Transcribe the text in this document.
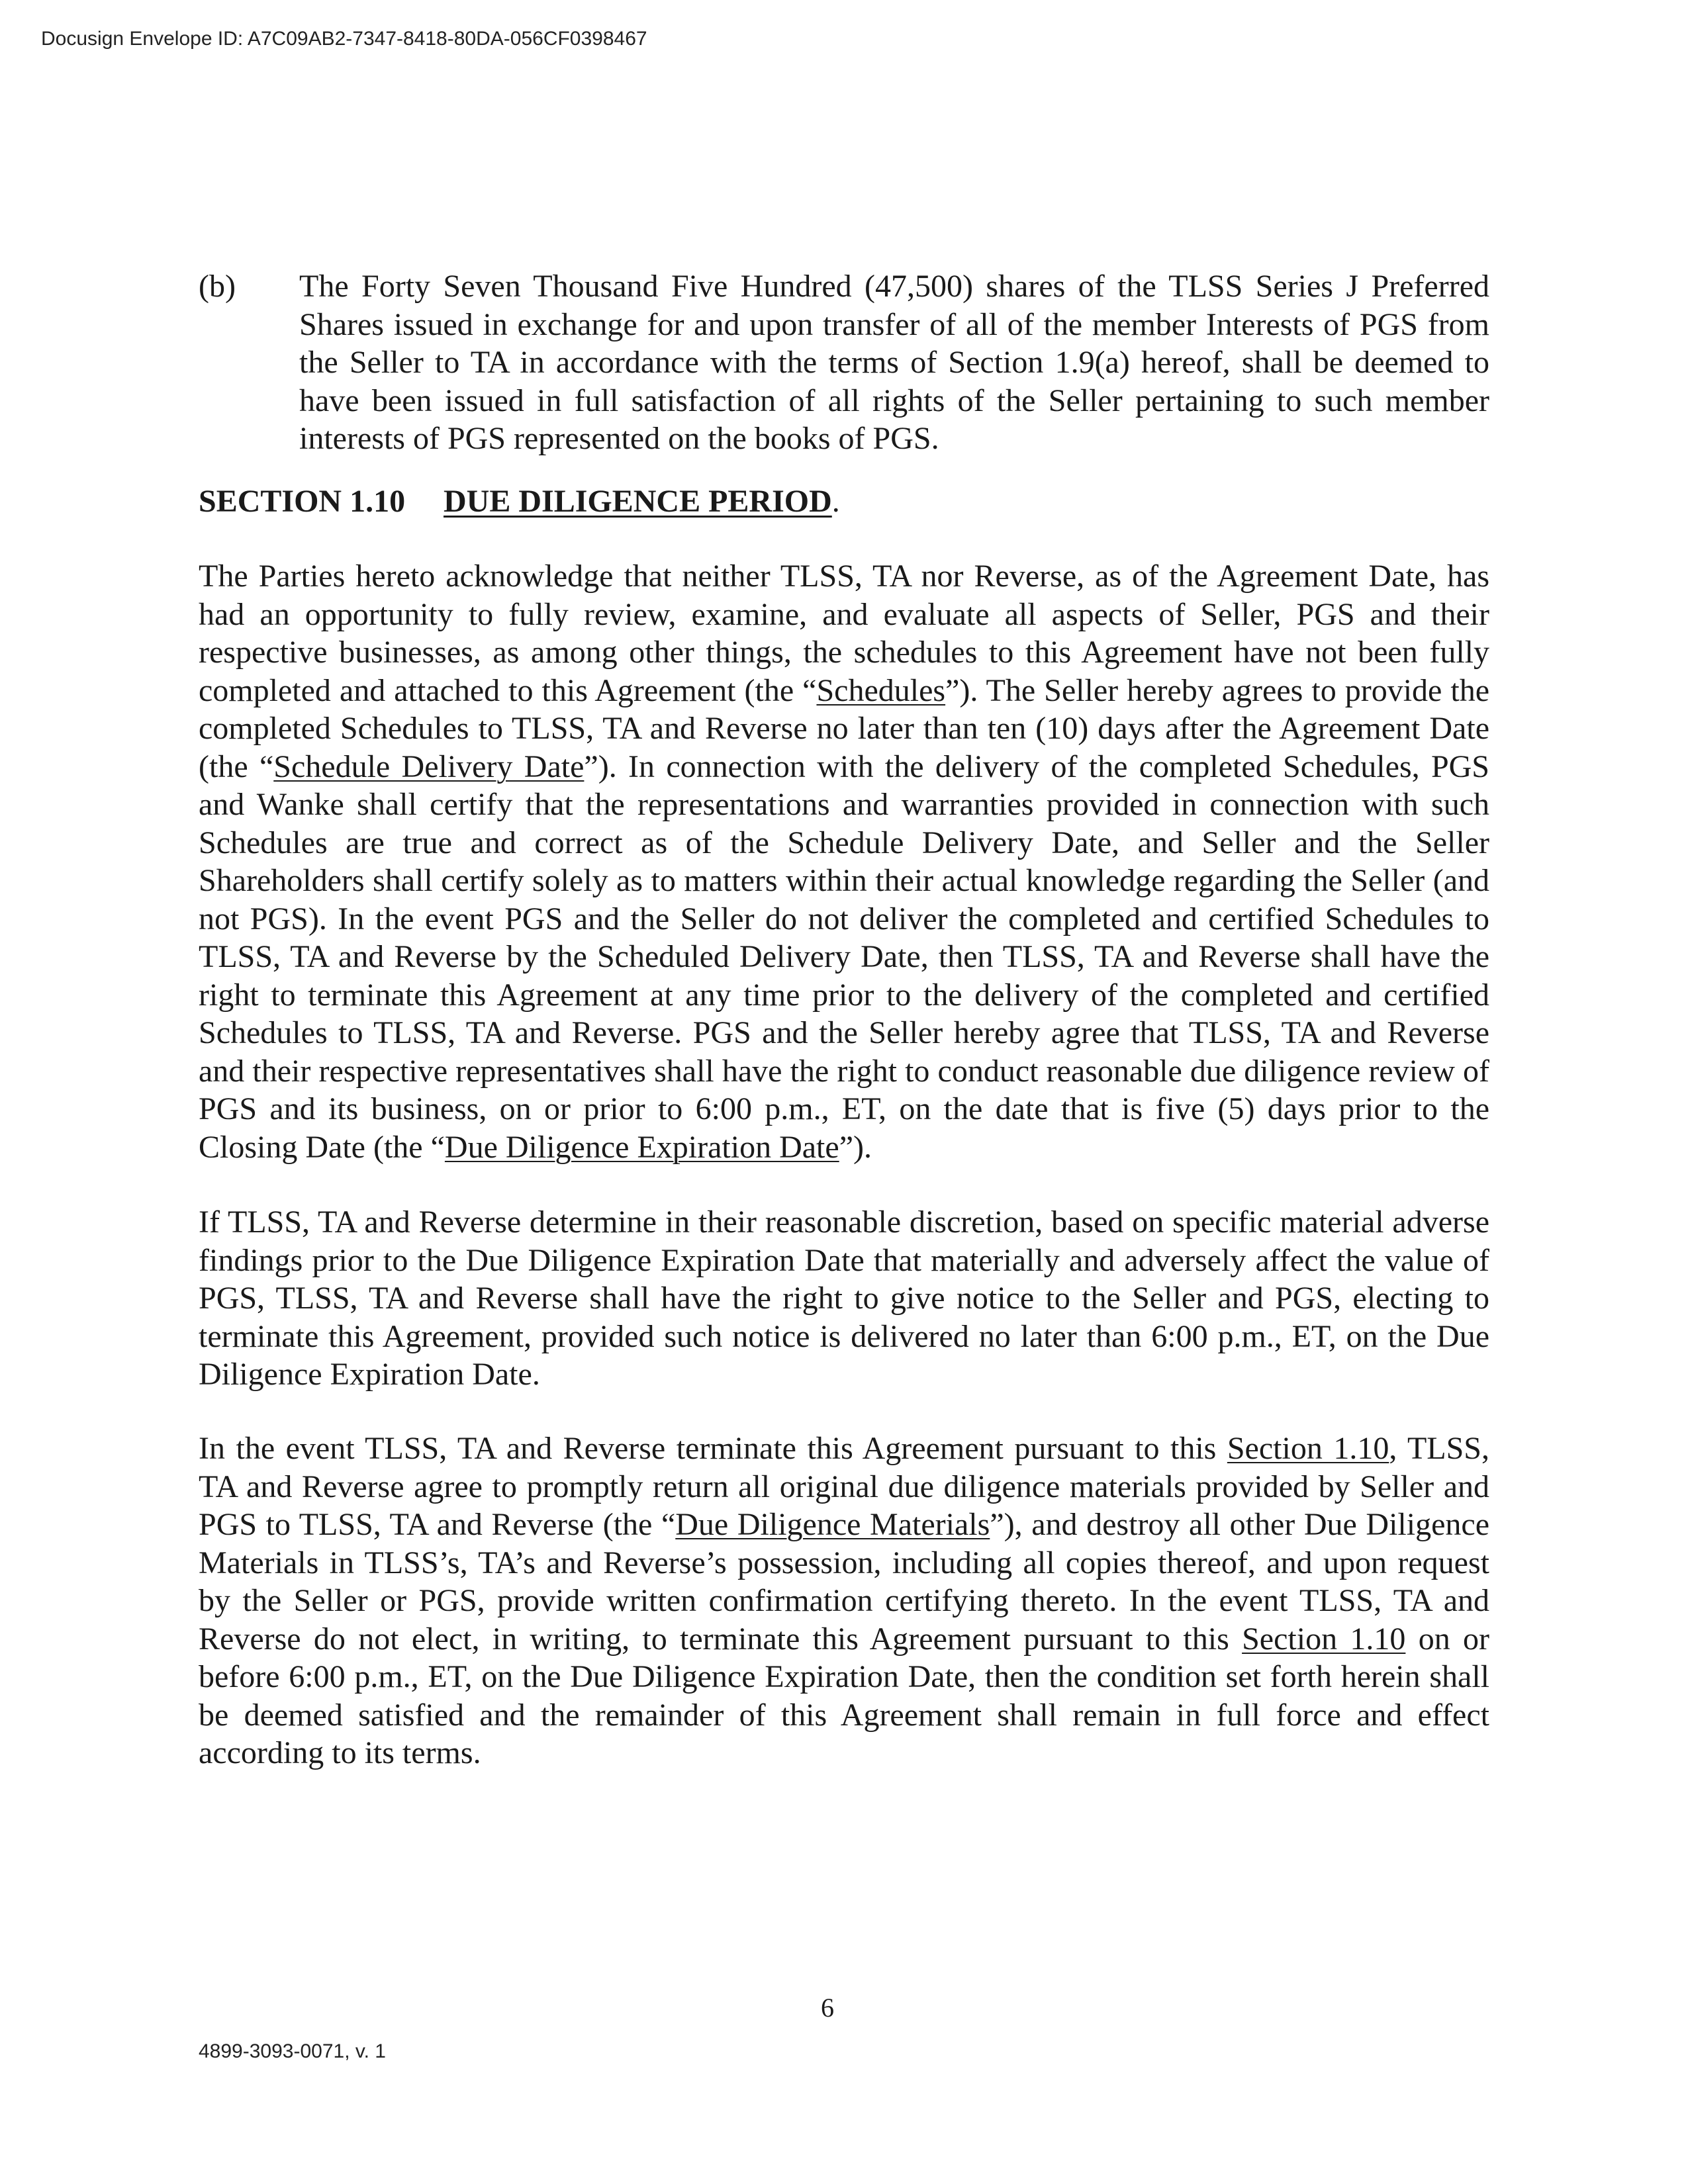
Docusign Envelope ID: A7C09AB2-7347-8418-80DA-056CF0398467
(b) The Forty Seven Thousand Five Hundred (47,500) shares of the TLSS Series J Preferred Shares issued in exchange for and upon transfer of all of the member Interests of PGS from the Seller to TA in accordance with the terms of Section 1.9(a) hereof, shall be deemed to have been issued in full satisfaction of all rights of the Seller pertaining to such member interests of PGS represented on the books of PGS.
SECTION 1.10 DUE DILIGENCE PERIOD.
The Parties hereto acknowledge that neither TLSS, TA nor Reverse, as of the Agreement Date, has had an opportunity to fully review, examine, and evaluate all aspects of Seller, PGS and their respective businesses, as among other things, the schedules to this Agreement have not been fully completed and attached to this Agreement (the “Schedules”). The Seller hereby agrees to provide the completed Schedules to TLSS, TA and Reverse no later than ten (10) days after the Agreement Date (the “Schedule Delivery Date”). In connection with the delivery of the completed Schedules, PGS and Wanke shall certify that the representations and warranties provided in connection with such Schedules are true and correct as of the Schedule Delivery Date, and Seller and the Seller Shareholders shall certify solely as to matters within their actual knowledge regarding the Seller (and not PGS). In the event PGS and the Seller do not deliver the completed and certified Schedules to TLSS, TA and Reverse by the Scheduled Delivery Date, then TLSS, TA and Reverse shall have the right to terminate this Agreement at any time prior to the delivery of the completed and certified Schedules to TLSS, TA and Reverse. PGS and the Seller hereby agree that TLSS, TA and Reverse and their respective representatives shall have the right to conduct reasonable due diligence review of PGS and its business, on or prior to 6:00 p.m., ET, on the date that is five (5) days prior to the Closing Date (the “Due Diligence Expiration Date”).
If TLSS, TA and Reverse determine in their reasonable discretion, based on specific material adverse findings prior to the Due Diligence Expiration Date that materially and adversely affect the value of PGS, TLSS, TA and Reverse shall have the right to give notice to the Seller and PGS, electing to terminate this Agreement, provided such notice is delivered no later than 6:00 p.m., ET, on the Due Diligence Expiration Date.
In the event TLSS, TA and Reverse terminate this Agreement pursuant to this Section 1.10, TLSS, TA and Reverse agree to promptly return all original due diligence materials provided by Seller and PGS to TLSS, TA and Reverse (the “Due Diligence Materials”), and destroy all other Due Diligence Materials in TLSS’s, TA’s and Reverse’s possession, including all copies thereof, and upon request by the Seller or PGS, provide written confirmation certifying thereto. In the event TLSS, TA and Reverse do not elect, in writing, to terminate this Agreement pursuant to this Section 1.10 on or before 6:00 p.m., ET, on the Due Diligence Expiration Date, then the condition set forth herein shall be deemed satisfied and the remainder of this Agreement shall remain in full force and effect according to its terms.
6
4899-3093-0071, v. 1
